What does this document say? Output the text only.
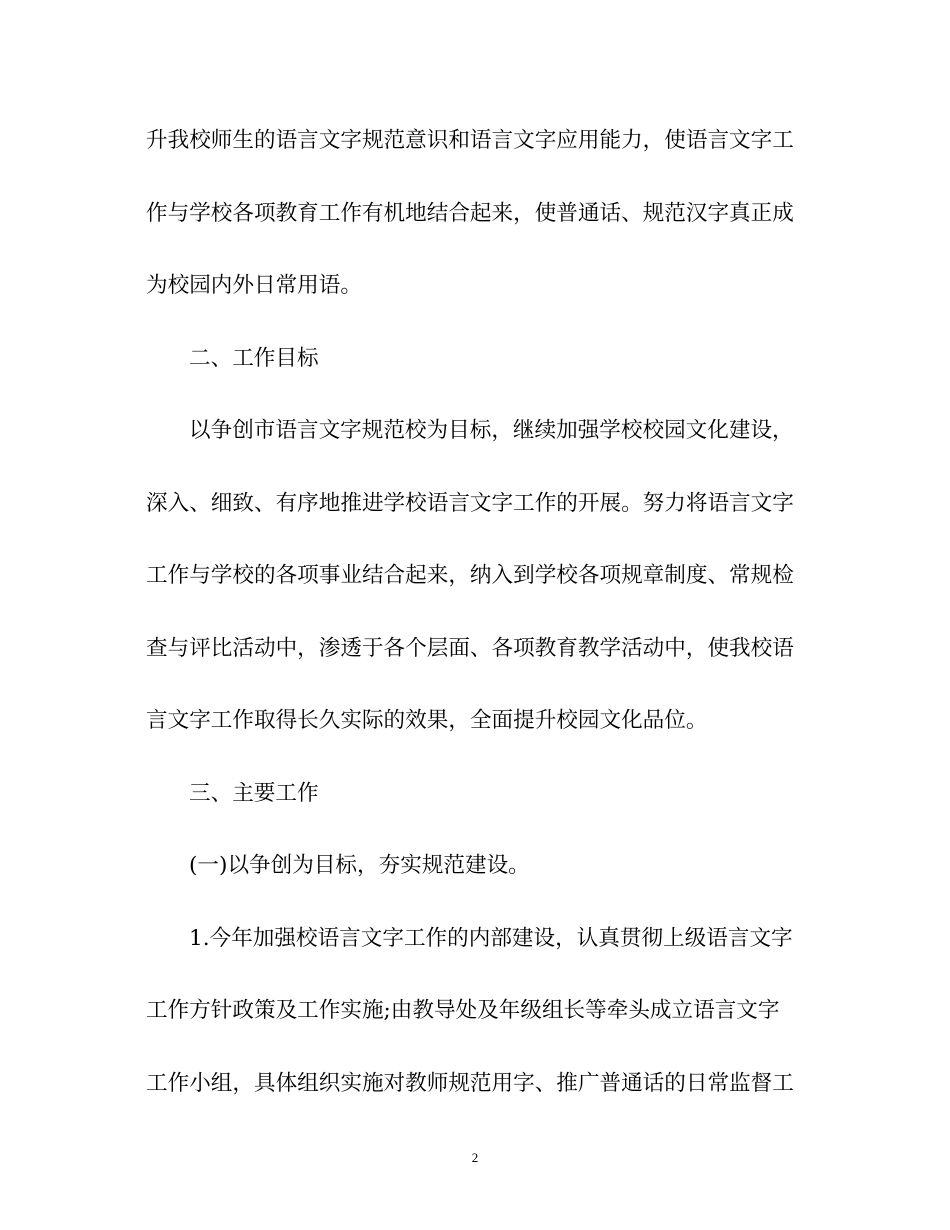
升我校师生的语言文字规范意识和语言文字应用能力，使语言文字工
作与学校各项教育工作有机地结合起来，使普通话、规范汉字真正成
为校园内外日常用语。
二、工作目标
以争创市语言文字规范校为目标，继续加强学校校园文化建设，
深入、细致、有序地推进学校语言文字工作的开展。努力将语言文字
工作与学校的各项事业结合起来，纳入到学校各项规章制度、常规检
查与评比活动中，渗透于各个层面、各项教育教学活动中，使我校语
言文字工作取得长久实际的效果，全面提升校园文化品位。
三、主要工作
(一)以争创为目标，夯实规范建设。
1.今年加强校语言文字工作的内部建设，认真贯彻上级语言文字
工作方针政策及工作实施;由教导处及年级组长等牵头成立语言文字
工作小组，具体组织实施对教师规范用字、推广普通话的日常监督工
2
